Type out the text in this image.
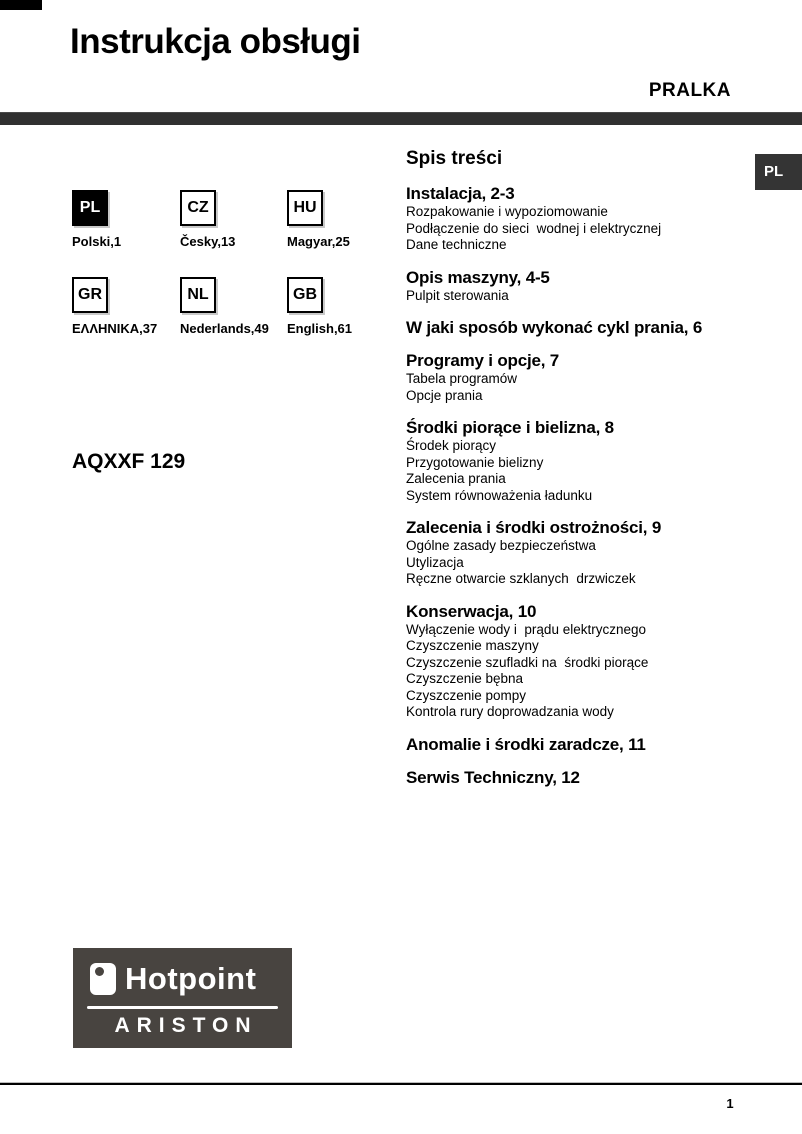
Instrukcja obsługi
PRALKA
PL
PL	CZ	HU
Polski,1	Česky,13	Magyar,25
GR	NL	GB
ΕΛΛΗΝΙΚΑ,37 Nederlands,49 English,61
AQXXF 129
Spis treści
Instalacja, 2-3
Rozpakowanie i wypoziomowanie
Podłączenie do sieci  wodnej i elektrycznej
Dane techniczne
Opis maszyny, 4-5
Pulpit sterowania
W jaki sposób wykonać cykl prania, 6
Programy i opcje, 7
Tabela programów
Opcje prania
Środki piorące i bielizna, 8
Środek piorący
Przygotowanie bielizny
Zalecenia prania
System równoważenia ładunku
Zalecenia i środki ostrożności, 9
Ogólne zasady bezpieczeństwa
Utylizacja
Ręczne otwarcie szklanych  drzwiczek
Konserwacja, 10
Wyłączenie wody i  prądu elektrycznego
Czyszczenie maszyny
Czyszczenie szufladki na  środki piorące
Czyszczenie bębna
Czyszczenie pompy
Kontrola rury doprowadzania wody
Anomalie i środki zaradcze, 11
Serwis Techniczny, 12
Hotpoint
ARISTON
1
